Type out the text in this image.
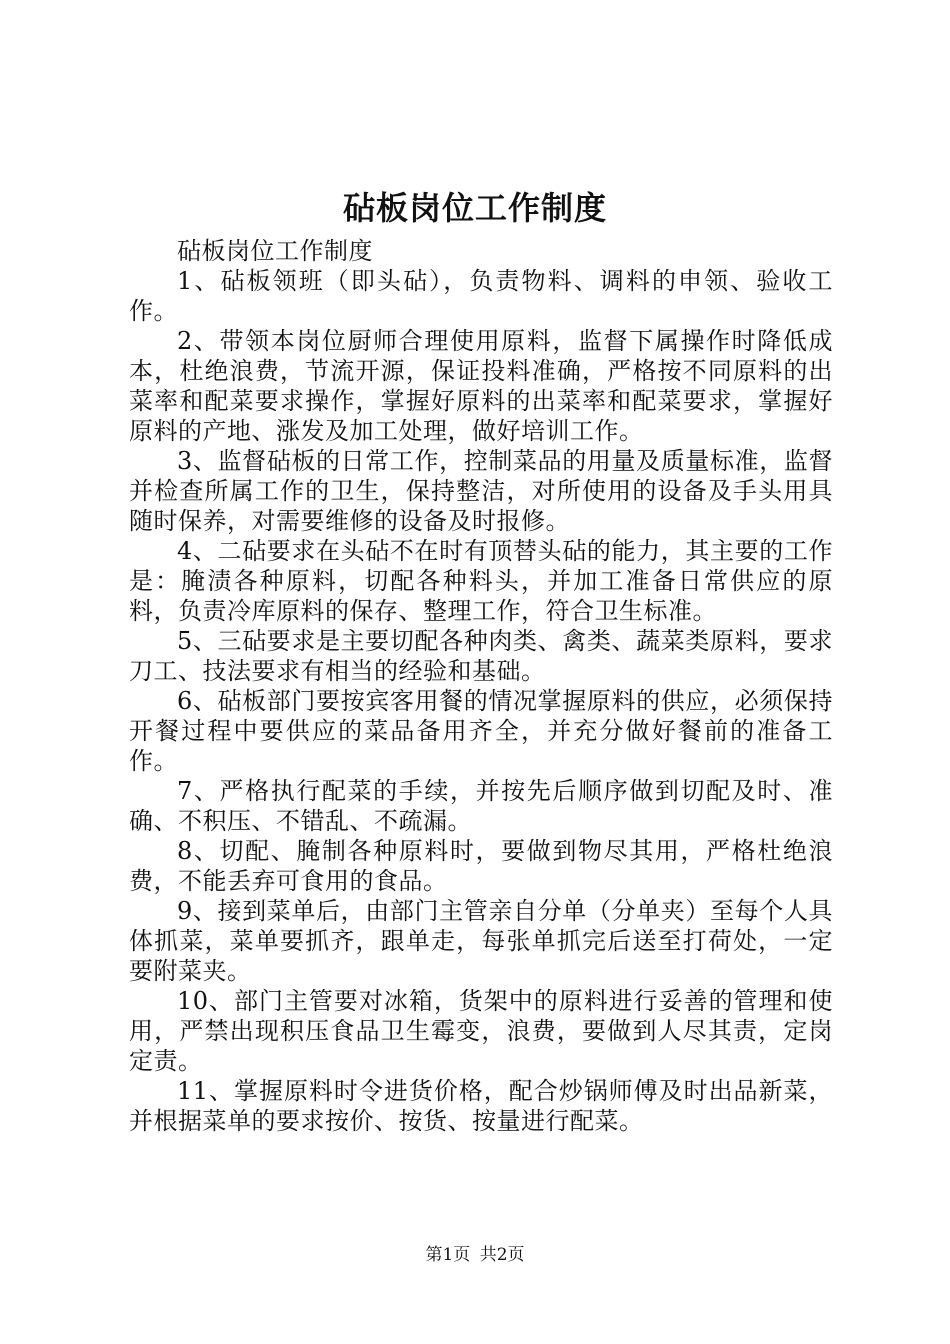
砧板岗位工作制度

砧板岗位工作制度

1、砧板领班（即头砧），负责物料、调料的申领、验收工作。

2、带领本岗位厨师合理使用原料，监督下属操作时降低成本，杜绝浪费，节流开源，保证投料准确，严格按不同原料的出菜率和配菜要求操作，掌握好原料的出菜率和配菜要求，掌握好原料的产地、涨发及加工处理，做好培训工作。

3、监督砧板的日常工作，控制菜品的用量及质量标准，监督并检查所属工作的卫生，保持整洁，对所使用的设备及手头用具随时保养，对需要维修的设备及时报修。

4、二砧要求在头砧不在时有顶替头砧的能力，其主要的工作是：腌渍各种原料，切配各种料头，并加工准备日常供应的原料，负责冷库原料的保存、整理工作，符合卫生标准。

5、三砧要求是主要切配各种肉类、禽类、蔬菜类原料，要求刀工、技法要求有相当的经验和基础。

6、砧板部门要按宾客用餐的情况掌握原料的供应，必须保持开餐过程中要供应的菜品备用齐全，并充分做好餐前的准备工作。

7、严格执行配菜的手续，并按先后顺序做到切配及时、准确、不积压、不错乱、不疏漏。

8、切配、腌制各种原料时，要做到物尽其用，严格杜绝浪费，不能丢弃可食用的食品。

9、接到菜单后，由部门主管亲自分单（分单夹）至每个人具体抓菜，菜单要抓齐，跟单走，每张单抓完后送至打荷处，一定要附菜夹。

10、部门主管要对冰箱，货架中的原料进行妥善的管理和使用，严禁出现积压食品卫生霉变，浪费，要做到人尽其责，定岗定责。

11、掌握原料时令进货价格，配合炒锅师傅及时出品新菜，并根据菜单的要求按价、按货、按量进行配菜。

第1页 共2页
